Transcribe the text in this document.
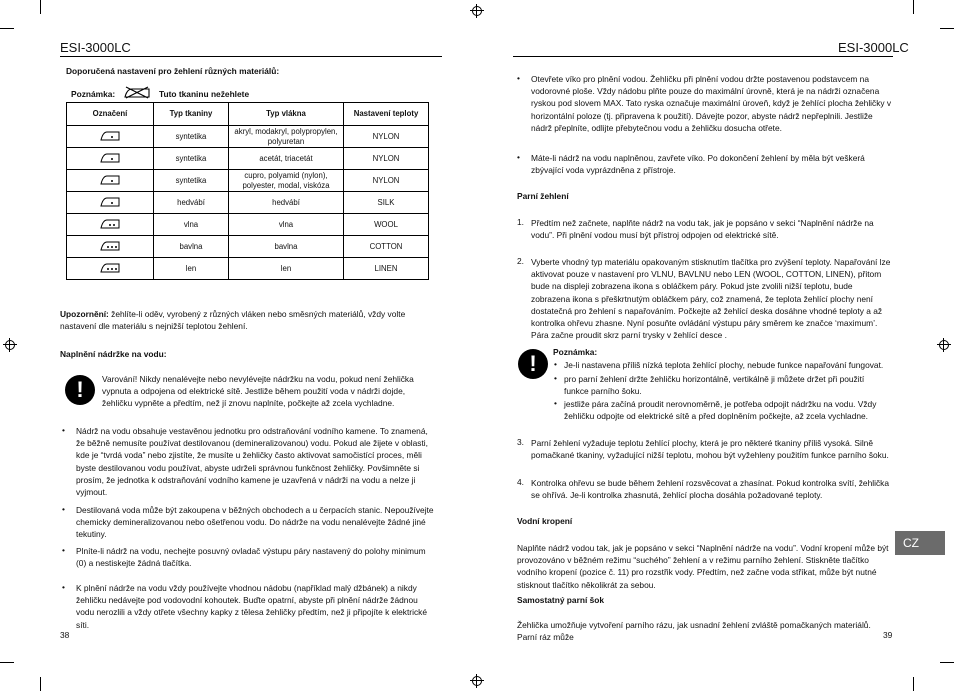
ESI-3000LC
Doporučená nastavení pro žehlení různých materiálů:
Poznámka:	Tuto tkaninu nežehlete
Označení	Typ tkaniny	Typ vlákna	Nastavení teploty
	syntetika	akryl, modakryl, polypropylen, polyuretan	NYLON
	syntetika	acetát, triacetát	NYLON
	syntetika	cupro, polyamid (nylon), polyester, modal, viskóza	NYLON
	hedvábí	hedvábí	SILK
	vlna	vlna	WOOL
	bavlna	bavlna	COTTON
	len	len	LINEN
Upozornění: žehlíte-li oděv, vyrobený z různých vláken nebo směsných materiálů, vždy volte nastavení dle materiálu s nejnižší teplotou žehlení.
Naplnění nádržke na vodu:
!	Varování! Nikdy nenalévejte nebo nevylévejte nádržku na vodu, pokud není žehlička vypnuta a odpojena od elektrické sítě. Jestliže během použití voda v nádrži dojde, žehličku vypněte a předtím, než jí znovu naplníte, počkejte až zcela vychladne.
• Nádrž na vodu obsahuje vestavěnou jednotku pro odstraňování vodního kamene. To znamená, že běžně nemusíte používat destilovanou (demineralizovanou) vodu. Pokud ale žijete v oblasti, kde je “tvrdá voda” nebo zjistíte, že musíte u žehličky často aktivovat samočistící proces, měli byste destilovanou vodu používat, abyste udrželi správnou funkčnost žehličky. Povšimněte si prosím, že jednotka k odstraňování vodního kamene je uzavřená v nádrži na vodu a nelze ji vyjmout.
• Destilovaná voda může být zakoupena v běžných obchodech a u čerpacích stanic. Nepoužívejte chemicky demineralizovanou nebo ošetřenou vodu. Do nádrže na vodu nenalévejte žádné jiné tekutiny.
• Plníte-li nádrž na vodu, nechejte posuvný ovladač výstupu páry nastavený do polohy minimum (0) a nestiskejte žádná tlačítka.
• K plnění nádrže na vodu vždy používejte vhodnou nádobu (například malý džbánek) a nikdy žehličku nedávejte pod vodovodní kohoutek. Buďte opatrní, abyste při plnění nádrže žádnou vodu nerozlili a vždy otřete všechny kapky z tělesa žehličky předtím, než ji připojíte k elektrické síti.
38
ESI-3000LC
• Otevřete víko pro plnění vodou. Žehličku při plnění vodou držte postavenou podstavcem na vodorovné ploše. Vždy nádobu plňte pouze do maximální úrovně, která je na nádrži označena ryskou pod slovem MAX. Tato ryska označuje maximální úroveň, když je žehlící plocha žehličky v horizontální poloze (tj. připravena k použití). Dávejte pozor, abyste nádrž nepřeplnili. Jestliže nádrž přeplníte, odlijte přebytečnou vodu a žehličku dosucha otřete.
• Máte-li nádrž na vodu naplněnou, zavřete víko. Po dokončení žehlení by měla být veškerá zbývající voda vyprázdněna z přístroje.
Parní žehlení
1. Předtím než začnete, naplňte nádrž na vodu tak, jak je popsáno v sekci “Naplnění nádrže na vodu”. Při plnění vodou musí být přístroj odpojen od elektrické sítě.
2. Vyberte vhodný typ materiálu opakovaným stisknutím tlačítka pro zvýšení teploty. Napařování lze aktivovat pouze v nastavení pro VLNU, BAVLNU nebo LEN (WOOL, COTTON, LINEN), přitom bude na displeji zobrazena ikona s obláčkem páry. Pokud jste zvolili nižší teplotu, bude zobrazena ikona s přeškrtnutým obláčkem páry, což znamená, že teplota žehlící plochy není dostatečná pro žehlení s napařováním. Počkejte až žehlící deska dosáhne vhodné teploty a až kontrolka ohřevu zhasne. Nyní posuňte ovládání výstupu páry směrem ke značce ‘maximum’. Pára začne proudit skrz parní trysky v žehlící desce .
!	Poznámka:
• Je-li nastavena příliš nízká teplota žehlící plochy, nebude funkce napařování fungovat.
• pro parní žehlení držte žehličku horizontálně, vertikálně ji můžete držet při použití funkce parního šoku.
• jestliže pára začíná proudit nerovnoměrně, je potřeba odpojit nádržku na vodu. Vždy žehličku odpojte od elektrické sítě a před doplněním počkejte, až zcela vychladne.
3. Parní žehlení vyžaduje teplotu žehlící plochy, která je pro některé tkaniny příliš vysoká. Silně pomačkané tkaniny, vyžadující nižší teplotu, mohou být vyžehleny použitím funkce parního šoku.
4. Kontrolka ohřevu se bude během žehlení rozsvěcovat a zhasínat. Pokud kontrolka svítí, žehlička se ohřívá. Je-li kontrolka zhasnutá, žehlící plocha dosáhla požadované teploty.
Vodní kropení
Naplňte nádrž vodou tak, jak je popsáno v sekci “Naplnění nádrže na vodu”. Vodní kropení může být provozováno v běžném režimu “suchého” žehlení a v režimu parního žehlení. Stiskněte tlačítko vodního kropení (pozice č. 11) pro rozstřik vody. Předtím, než začne voda stříkat, může být nutné stisknout tlačítko několikrát za sebou.
Samostatný parní šok
Žehlička umožňuje vytvoření parního rázu, jak usnadní žehlení zvláště pomačkaných materiálů. Parní ráz může	39
CZ
